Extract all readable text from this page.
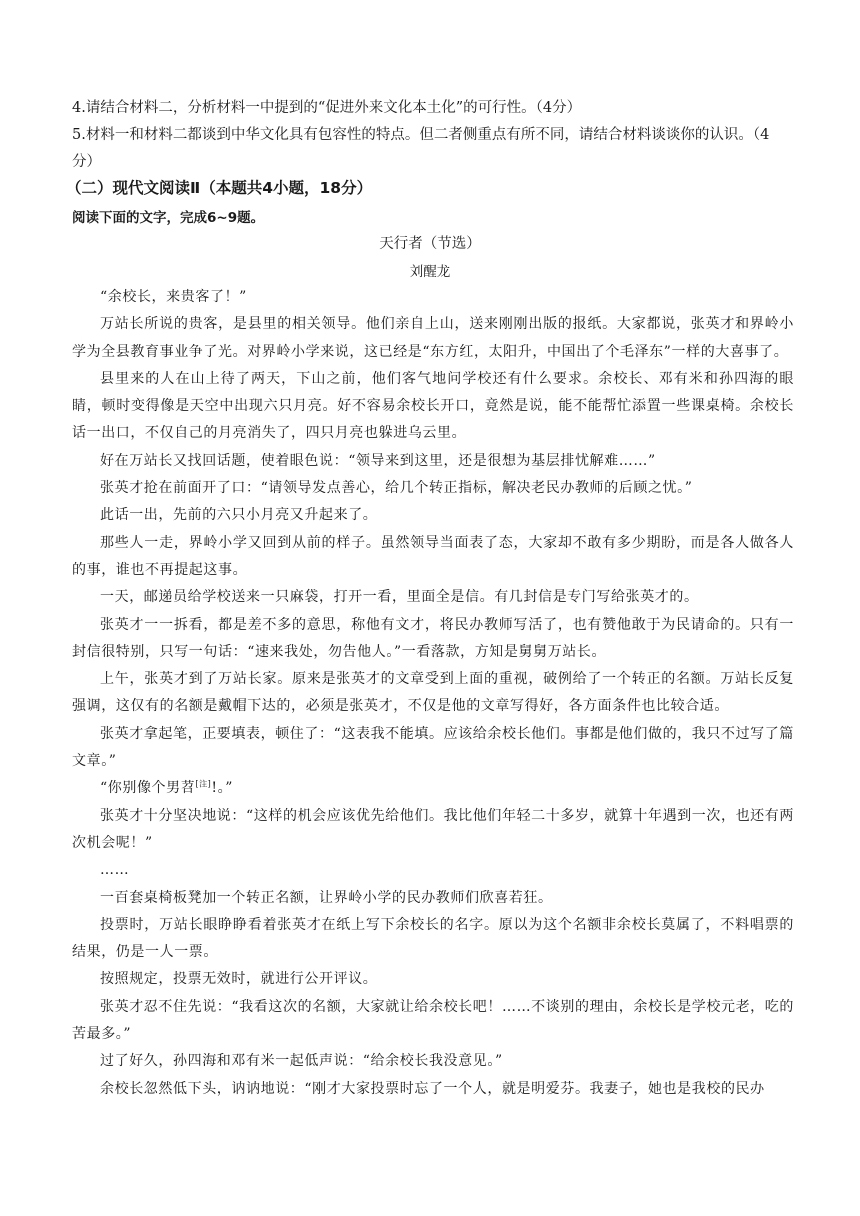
4.请结合材料二，分析材料一中提到的“促进外来文化本土化”的可行性。（4分）

5.材料一和材料二都谈到中华文化具有包容性的特点。但二者侧重点有所不同，请结合材料谈谈你的认识。（4

分）

（二）现代文阅读Ⅱ（本题共4小题，18分）

阅读下面的文字，完成6~9题。

天行者（节选）

刘醒龙

“余校长，来贵客了！”

万站长所说的贵客，是县里的相关领导。他们亲自上山，送来刚刚出版的报纸。大家都说，张英才和界岭小学为全县教育事业争了光。对界岭小学来说，这已经是“东方红，太阳升，中国出了个毛泽东”一样的大喜事了。

县里来的人在山上待了两天，下山之前，他们客气地问学校还有什么要求。余校长、邓有米和孙四海的眼睛，顿时变得像是天空中出现六只月亮。好不容易余校长开口，竟然是说，能不能帮忙添置一些课桌椅。余校长话一出口，不仅自己的月亮消失了，四只月亮也躲进乌云里。

好在万站长又找回话题，使着眼色说：“领导来到这里，还是很想为基层排忧解难……”

张英才抢在前面开了口：“请领导发点善心，给几个转正指标，解决老民办教师的后顾之忧。”

此话一出，先前的六只小月亮又升起来了。

那些人一走，界岭小学又回到从前的样子。虽然领导当面表了态，大家却不敢有多少期盼，而是各人做各人的事，谁也不再提起这事。

一天，邮递员给学校送来一只麻袋，打开一看，里面全是信。有几封信是专门写给张英才的。

张英才一一拆看，都是差不多的意思，称他有文才，将民办教师写活了，也有赞他敢于为民请命的。只有一封信很特别，只写一句话：“速来我处，勿告他人。”一看落款，方知是舅舅万站长。

上午，张英才到了万站长家。原来是张英才的文章受到上面的重视，破例给了一个转正的名额。万站长反复强调，这仅有的名额是戴帽下达的，必须是张英才，不仅是他的文章写得好，各方面条件也比较合适。

张英才拿起笔，正要填表，顿住了：“这表我不能填。应该给余校长他们。事都是他们做的，我只不过写了篇文章。”

“你别像个男苕[注]!。”

张英才十分坚决地说：“这样的机会应该优先给他们。我比他们年轻二十多岁，就算十年遇到一次，也还有两次机会呢！”

……

一百套桌椅板凳加一个转正名额，让界岭小学的民办教师们欣喜若狂。

投票时，万站长眼睁睁看着张英才在纸上写下余校长的名字。原以为这个名额非余校长莫属了，不料唱票的结果，仍是一人一票。

按照规定，投票无效时，就进行公开评议。

张英才忍不住先说：“我看这次的名额，大家就让给余校长吧！……不谈别的理由，余校长是学校元老，吃的苦最多。”

过了好久，孙四海和邓有米一起低声说：“给余校长我没意见。”

余校长忽然低下头，讷讷地说：“刚才大家投票时忘了一个人，就是明爱芬。我妻子，她也是我校的民办
